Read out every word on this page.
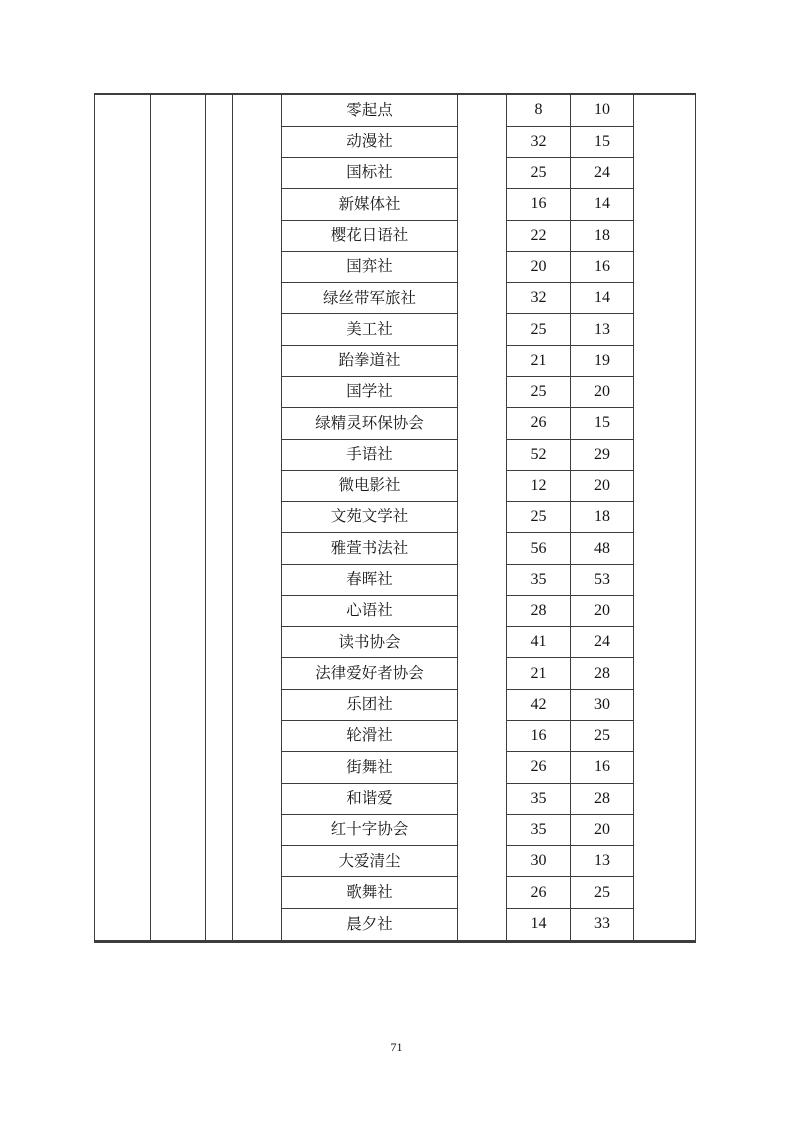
				零起点		8	10	
				动漫社		32	15	
				国标社		25	24	
				新媒体社		16	14	
				樱花日语社		22	18	
				国弈社		20	16	
				绿丝带军旅社		32	14	
				美工社		25	13	
				跆拳道社		21	19	
				国学社		25	20	
				绿精灵环保协会		26	15	
				手语社		52	29	
				微电影社		12	20	
				文苑文学社		25	18	
				雅萱书法社		56	48	
				春晖社		35	53	
				心语社		28	20	
				读书协会		41	24	
				法律爱好者协会		21	28	
				乐团社		42	30	
				轮滑社		16	25	
				街舞社		26	16	
				和谐爱		35	28	
				红十字协会		35	20	
				大爱清尘		30	13	
				歌舞社		26	25	
				晨夕社		14	33	
71
